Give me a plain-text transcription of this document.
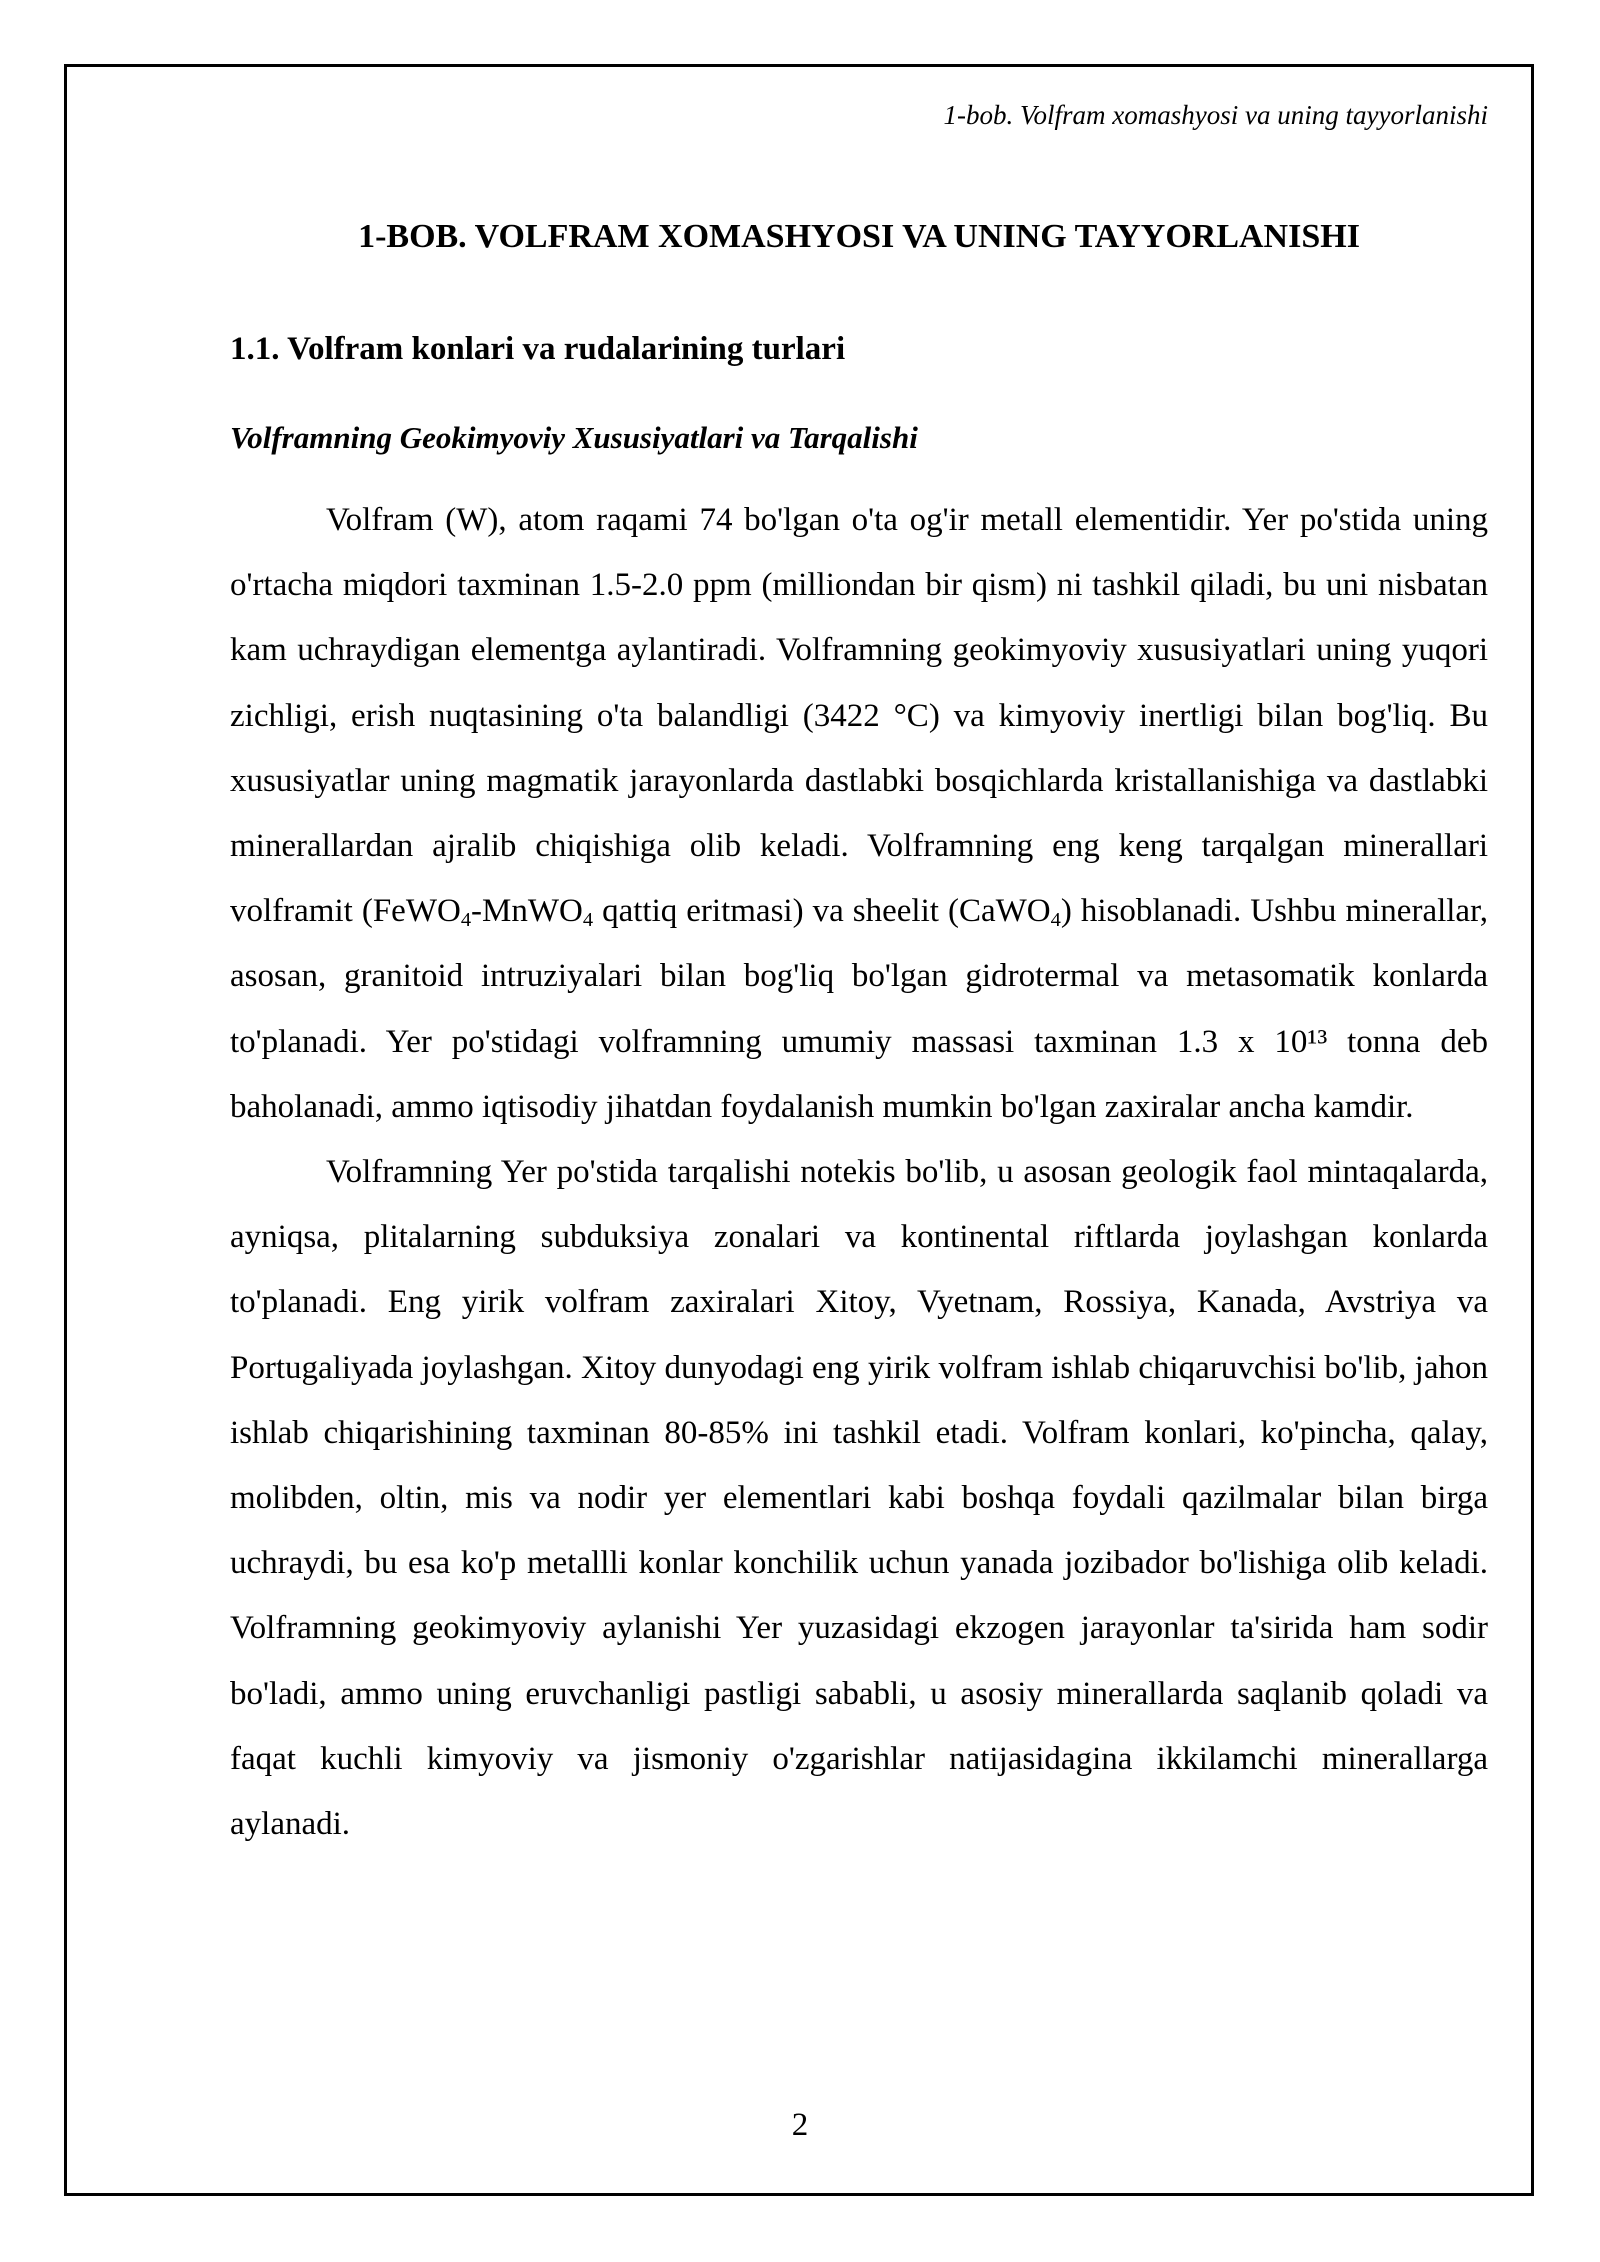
1-bob. Volfram xomashyosi va uning tayyorlanishi
1-BOB. VOLFRAM XOMASHYOSI VA UNING TAYYORLANISHI
1.1. Volfram konlari va rudalarining turlari
Volframning Geokimyoviy Xususiyatlari va Tarqalishi

Volfram (W), atom raqami 74 bo'lgan o'ta og'ir metall elementidir. Yer po'stida uning o'rtacha miqdori taxminan 1.5-2.0 ppm (milliondan bir qism) ni tashkil qiladi, bu uni nisbatan kam uchraydigan elementga aylantiradi. Volframning geokimyoviy xususiyatlari uning yuqori zichligi, erish nuqtasining o'ta balandligi (3422 °C) va kimyoviy inertligi bilan bog'liq. Bu xususiyatlar uning magmatik jarayonlarda dastlabki bosqichlarda kristallanishiga va dastlabki minerallardan ajralib chiqishiga olib keladi. Volframning eng keng tarqalgan minerallari volframit (FeWO$_4$-MnWO$_4$ qattiq eritmasi) va sheelit (CaWO$_4$) hisoblanadi. Ushbu minerallar, asosan, granitoid intruziyalari bilan bog'liq bo'lgan gidrotermal va metasomatik konlarda to'planadi. Yer po'stidagi volframning umumiy massasi taxminan 1.3 x 10¹³ tonna deb baholanadi, ammo iqtisodiy jihatdan foydalanish mumkin bo'lgan zaxiralar ancha kamdir.

Volframning Yer po'stida tarqalishi notekis bo'lib, u asosan geologik faol mintaqalarda, ayniqsa, plitalarning subduksiya zonalari va kontinental riftlarda joylashgan konlarda to'planadi. Eng yirik volfram zaxiralari Xitoy, Vyetnam, Rossiya, Kanada, Avstriya va Portugaliyada joylashgan. Xitoy dunyodagi eng yirik volfram ishlab chiqaruvchisi bo'lib, jahon ishlab chiqarishining taxminan 80-85% ini tashkil etadi. Volfram konlari, ko'pincha, qalay, molibden, oltin, mis va nodir yer elementlari kabi boshqa foydali qazilmalar bilan birga uchraydi, bu esa ko'p metallli konlar konchilik uchun yanada jozibador bo'lishiga olib keladi. Volframning geokimyoviy aylanishi Yer yuzasidagi ekzogen jarayonlar ta'sirida ham sodir bo'ladi, ammo uning eruvchanligi pastligi sababli, u asosiy minerallarda saqlanib qoladi va faqat kuchli kimyoviy va jismoniy o'zgarishlar natijasidagina ikkilamchi minerallarga aylanadi.

2
